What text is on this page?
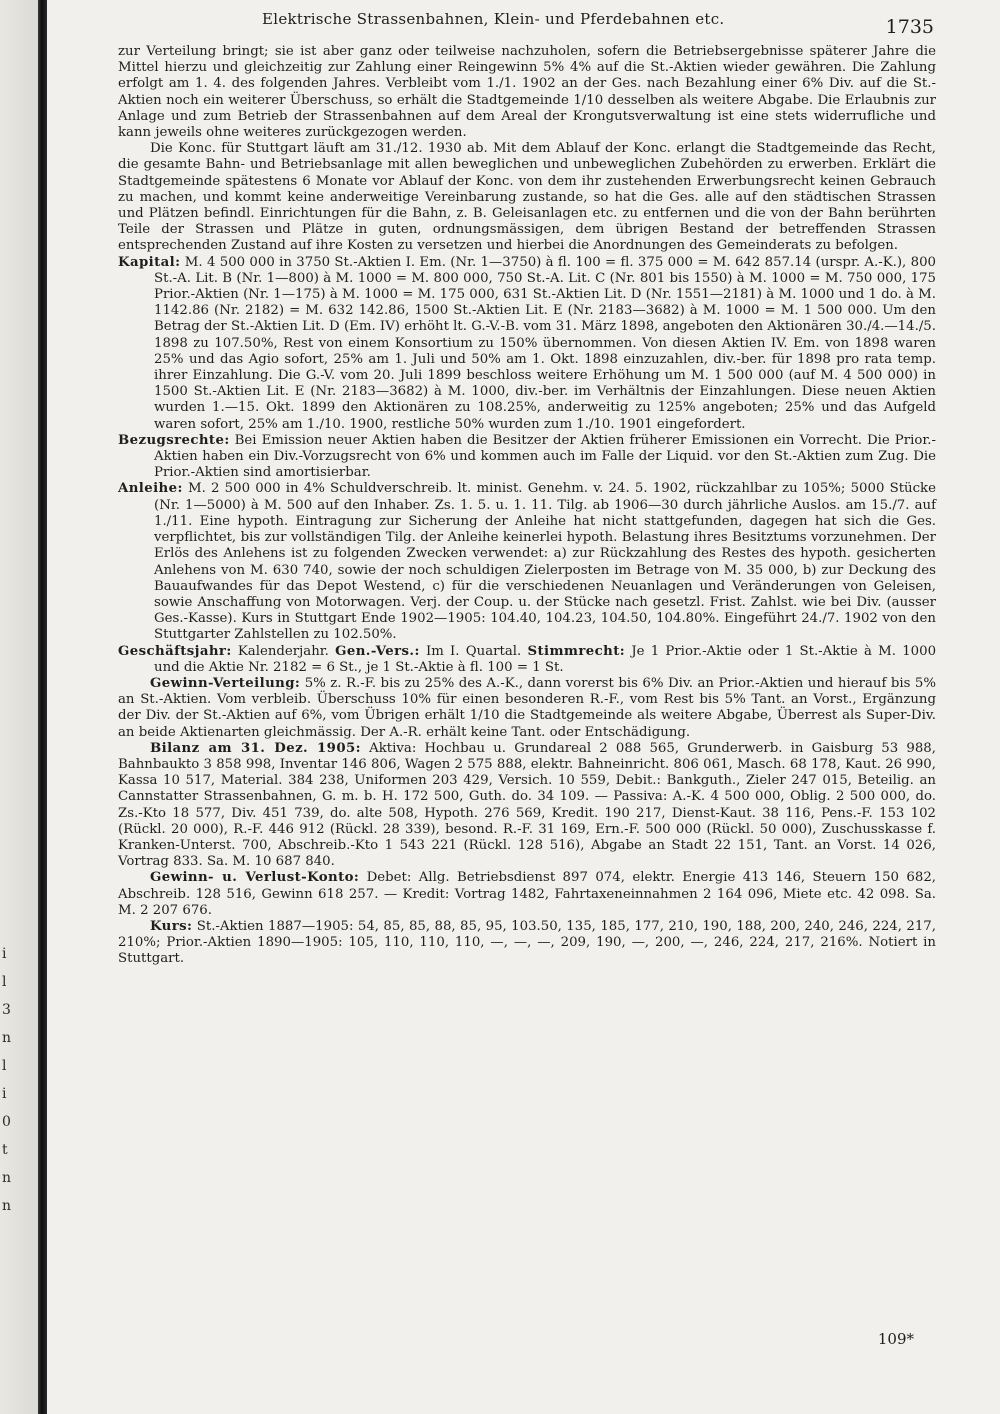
i
l
3
n
l
i
0
t
n
n
Elektrische Strassenbahnen, Klein- und Pferdebahnen etc.	1735

zur Verteilung bringt; sie ist aber ganz oder teilweise nachzuholen, sofern die Betriebsergebnisse späterer Jahre die Mittel hierzu und gleichzeitig zur Zahlung einer Reingewinn 5% 4% auf die St.-Aktien wieder gewähren. Die Zahlung erfolgt am 1. 4. des folgenden Jahres. Verbleibt vom 1./1. 1902 an der Ges. nach Bezahlung einer 6% Div. auf die St.-Aktien noch ein weiterer Überschuss, so erhält die Stadtgemeinde 1/10 desselben als weitere Abgabe. Die Erlaubnis zur Anlage und zum Betrieb der Strassenbahnen auf dem Areal der Krongutsverwaltung ist eine stets widerrufliche und kann jeweils ohne weiteres zurückgezogen werden.

Die Konc. für Stuttgart läuft am 31./12. 1930 ab. Mit dem Ablauf der Konc. erlangt die Stadtgemeinde das Recht, die gesamte Bahn- und Betriebsanlage mit allen beweglichen und unbeweglichen Zubehörden zu erwerben. Erklärt die Stadtgemeinde spätestens 6 Monate vor Ablauf der Konc. von dem ihr zustehenden Erwerbungsrecht keinen Gebrauch zu machen, und kommt keine anderweitige Vereinbarung zustande, so hat die Ges. alle auf den städtischen Strassen und Plätzen befindl. Einrichtungen für die Bahn, z. B. Geleisanlagen etc. zu entfernen und die von der Bahn berührten Teile der Strassen und Plätze in guten, ordnungsmässigen, dem übrigen Bestand der betreffenden Strassen entsprechenden Zustand auf ihre Kosten zu versetzen und hierbei die Anordnungen des Gemeinderats zu befolgen.

Kapital: M. 4 500 000 in 3750 St.-Aktien I. Em. (Nr. 1—3750) à fl. 100 = fl. 375 000 = M. 642 857.14 (urspr. A.-K.), 800 St.-A. Lit. B (Nr. 1—800) à M. 1000 = M. 800 000, 750 St.-A. Lit. C (Nr. 801 bis 1550) à M. 1000 = M. 750 000, 175 Prior.-Aktien (Nr. 1—175) à M. 1000 = M. 175 000, 631 St.-Aktien Lit. D (Nr. 1551—2181) à M. 1000 und 1 do. à M. 1142.86 (Nr. 2182) = M. 632 142.86, 1500 St.-Aktien Lit. E (Nr. 2183—3682) à M. 1000 = M. 1 500 000. Um den Betrag der St.-Aktien Lit. D (Em. IV) erhöht lt. G.-V.-B. vom 31. März 1898, angeboten den Aktionären 30./4.—14./5. 1898 zu 107.50%, Rest von einem Konsortium zu 150% übernommen. Von diesen Aktien IV. Em. von 1898 waren 25% und das Agio sofort, 25% am 1. Juli und 50% am 1. Okt. 1898 einzuzahlen, div.-ber. für 1898 pro rata temp. ihrer Einzahlung. Die G.-V. vom 20. Juli 1899 beschloss weitere Erhöhung um M. 1 500 000 (auf M. 4 500 000) in 1500 St.-Aktien Lit. E (Nr. 2183—3682) à M. 1000, div.-ber. im Verhältnis der Einzahlungen. Diese neuen Aktien wurden 1.—15. Okt. 1899 den Aktionären zu 108.25%, anderweitig zu 125% angeboten; 25% und das Aufgeld waren sofort, 25% am 1./10. 1900, restliche 50% wurden zum 1./10. 1901 eingefordert.

Bezugsrechte: Bei Emission neuer Aktien haben die Besitzer der Aktien früherer Emissionen ein Vorrecht. Die Prior.-Aktien haben ein Div.-Vorzugsrecht von 6% und kommen auch im Falle der Liquid. vor den St.-Aktien zum Zug. Die Prior.-Aktien sind amortisierbar.

Anleihe: M. 2 500 000 in 4% Schuldverschreib. lt. minist. Genehm. v. 24. 5. 1902, rückzahlbar zu 105%; 5000 Stücke (Nr. 1—5000) à M. 500 auf den Inhaber. Zs. 1. 5. u. 1. 11. Tilg. ab 1906—30 durch jährliche Auslos. am 15./7. auf 1./11. Eine hypoth. Eintragung zur Sicherung der Anleihe hat nicht stattgefunden, dagegen hat sich die Ges. verpflichtet, bis zur vollständigen Tilg. der Anleihe keinerlei hypoth. Belastung ihres Besitztums vorzunehmen. Der Erlös des Anlehens ist zu folgenden Zwecken verwendet: a) zur Rückzahlung des Restes des hypoth. gesicherten Anlehens von M. 630 740, sowie der noch schuldigen Zielerposten im Betrage von M. 35 000, b) zur Deckung des Bauaufwandes für das Depot Westend, c) für die verschiedenen Neuanlagen und Veränderungen von Geleisen, sowie Anschaffung von Motorwagen. Verj. der Coup. u. der Stücke nach gesetzl. Frist. Zahlst. wie bei Div. (ausser Ges.-Kasse). Kurs in Stuttgart Ende 1902—1905: 104.40, 104.23, 104.50, 104.80%. Eingeführt 24./7. 1902 von den Stuttgarter Zahlstellen zu 102.50%.

Geschäftsjahr: Kalenderjahr. Gen.-Vers.: Im I. Quartal. Stimmrecht: Je 1 Prior.-Aktie oder 1 St.-Aktie à M. 1000 und die Aktie Nr. 2182 = 6 St., je 1 St.-Aktie à fl. 100 = 1 St.

Gewinn-Verteilung: 5% z. R.-F. bis zu 25% des A.-K., dann vorerst bis 6% Div. an Prior.-Aktien und hierauf bis 5% an St.-Aktien. Vom verbleib. Überschuss 10% für einen besonderen R.-F., vom Rest bis 5% Tant. an Vorst., Ergänzung der Div. der St.-Aktien auf 6%, vom Übrigen erhält 1/10 die Stadtgemeinde als weitere Abgabe, Überrest als Super-Div. an beide Aktienarten gleichmässig. Der A.-R. erhält keine Tant. oder Entschädigung.

Bilanz am 31. Dez. 1905: Aktiva: Hochbau u. Grundareal 2 088 565, Grunderwerb. in Gaisburg 53 988, Bahnbaukto 3 858 998, Inventar 146 806, Wagen 2 575 888, elektr. Bahneinricht. 806 061, Masch. 68 178, Kaut. 26 990, Kassa 10 517, Material. 384 238, Uniformen 203 429, Versich. 10 559, Debit.: Bankguth., Zieler 247 015, Beteilig. an Cannstatter Strassenbahnen, G. m. b. H. 172 500, Guth. do. 34 109. — Passiva: A.-K. 4 500 000, Oblig. 2 500 000, do. Zs.-Kto 18 577, Div. 451 739, do. alte 508, Hypoth. 276 569, Kredit. 190 217, Dienst-Kaut. 38 116, Pens.-F. 153 102 (Rückl. 20 000), R.-F. 446 912 (Rückl. 28 339), besond. R.-F. 31 169, Ern.-F. 500 000 (Rückl. 50 000), Zuschusskasse f. Kranken-Unterst. 700, Abschreib.-Kto 1 543 221 (Rückl. 128 516), Abgabe an Stadt 22 151, Tant. an Vorst. 14 026, Vortrag 833. Sa. M. 10 687 840.

Gewinn- u. Verlust-Konto: Debet: Allg. Betriebsdienst 897 074, elektr. Energie 413 146, Steuern 150 682, Abschreib. 128 516, Gewinn 618 257. — Kredit: Vortrag 1482, Fahrtaxeneinnahmen 2 164 096, Miete etc. 42 098. Sa. M. 2 207 676.

Kurs: St.-Aktien 1887—1905: 54, 85, 85, 88, 85, 95, 103.50, 135, 185, 177, 210, 190, 188, 200, 240, 246, 224, 217, 210%; Prior.-Aktien 1890—1905: 105, 110, 110, 110, —, —, —, 209, 190, —, 200, —, 246, 224, 217, 216%. Notiert in Stuttgart.

109*
